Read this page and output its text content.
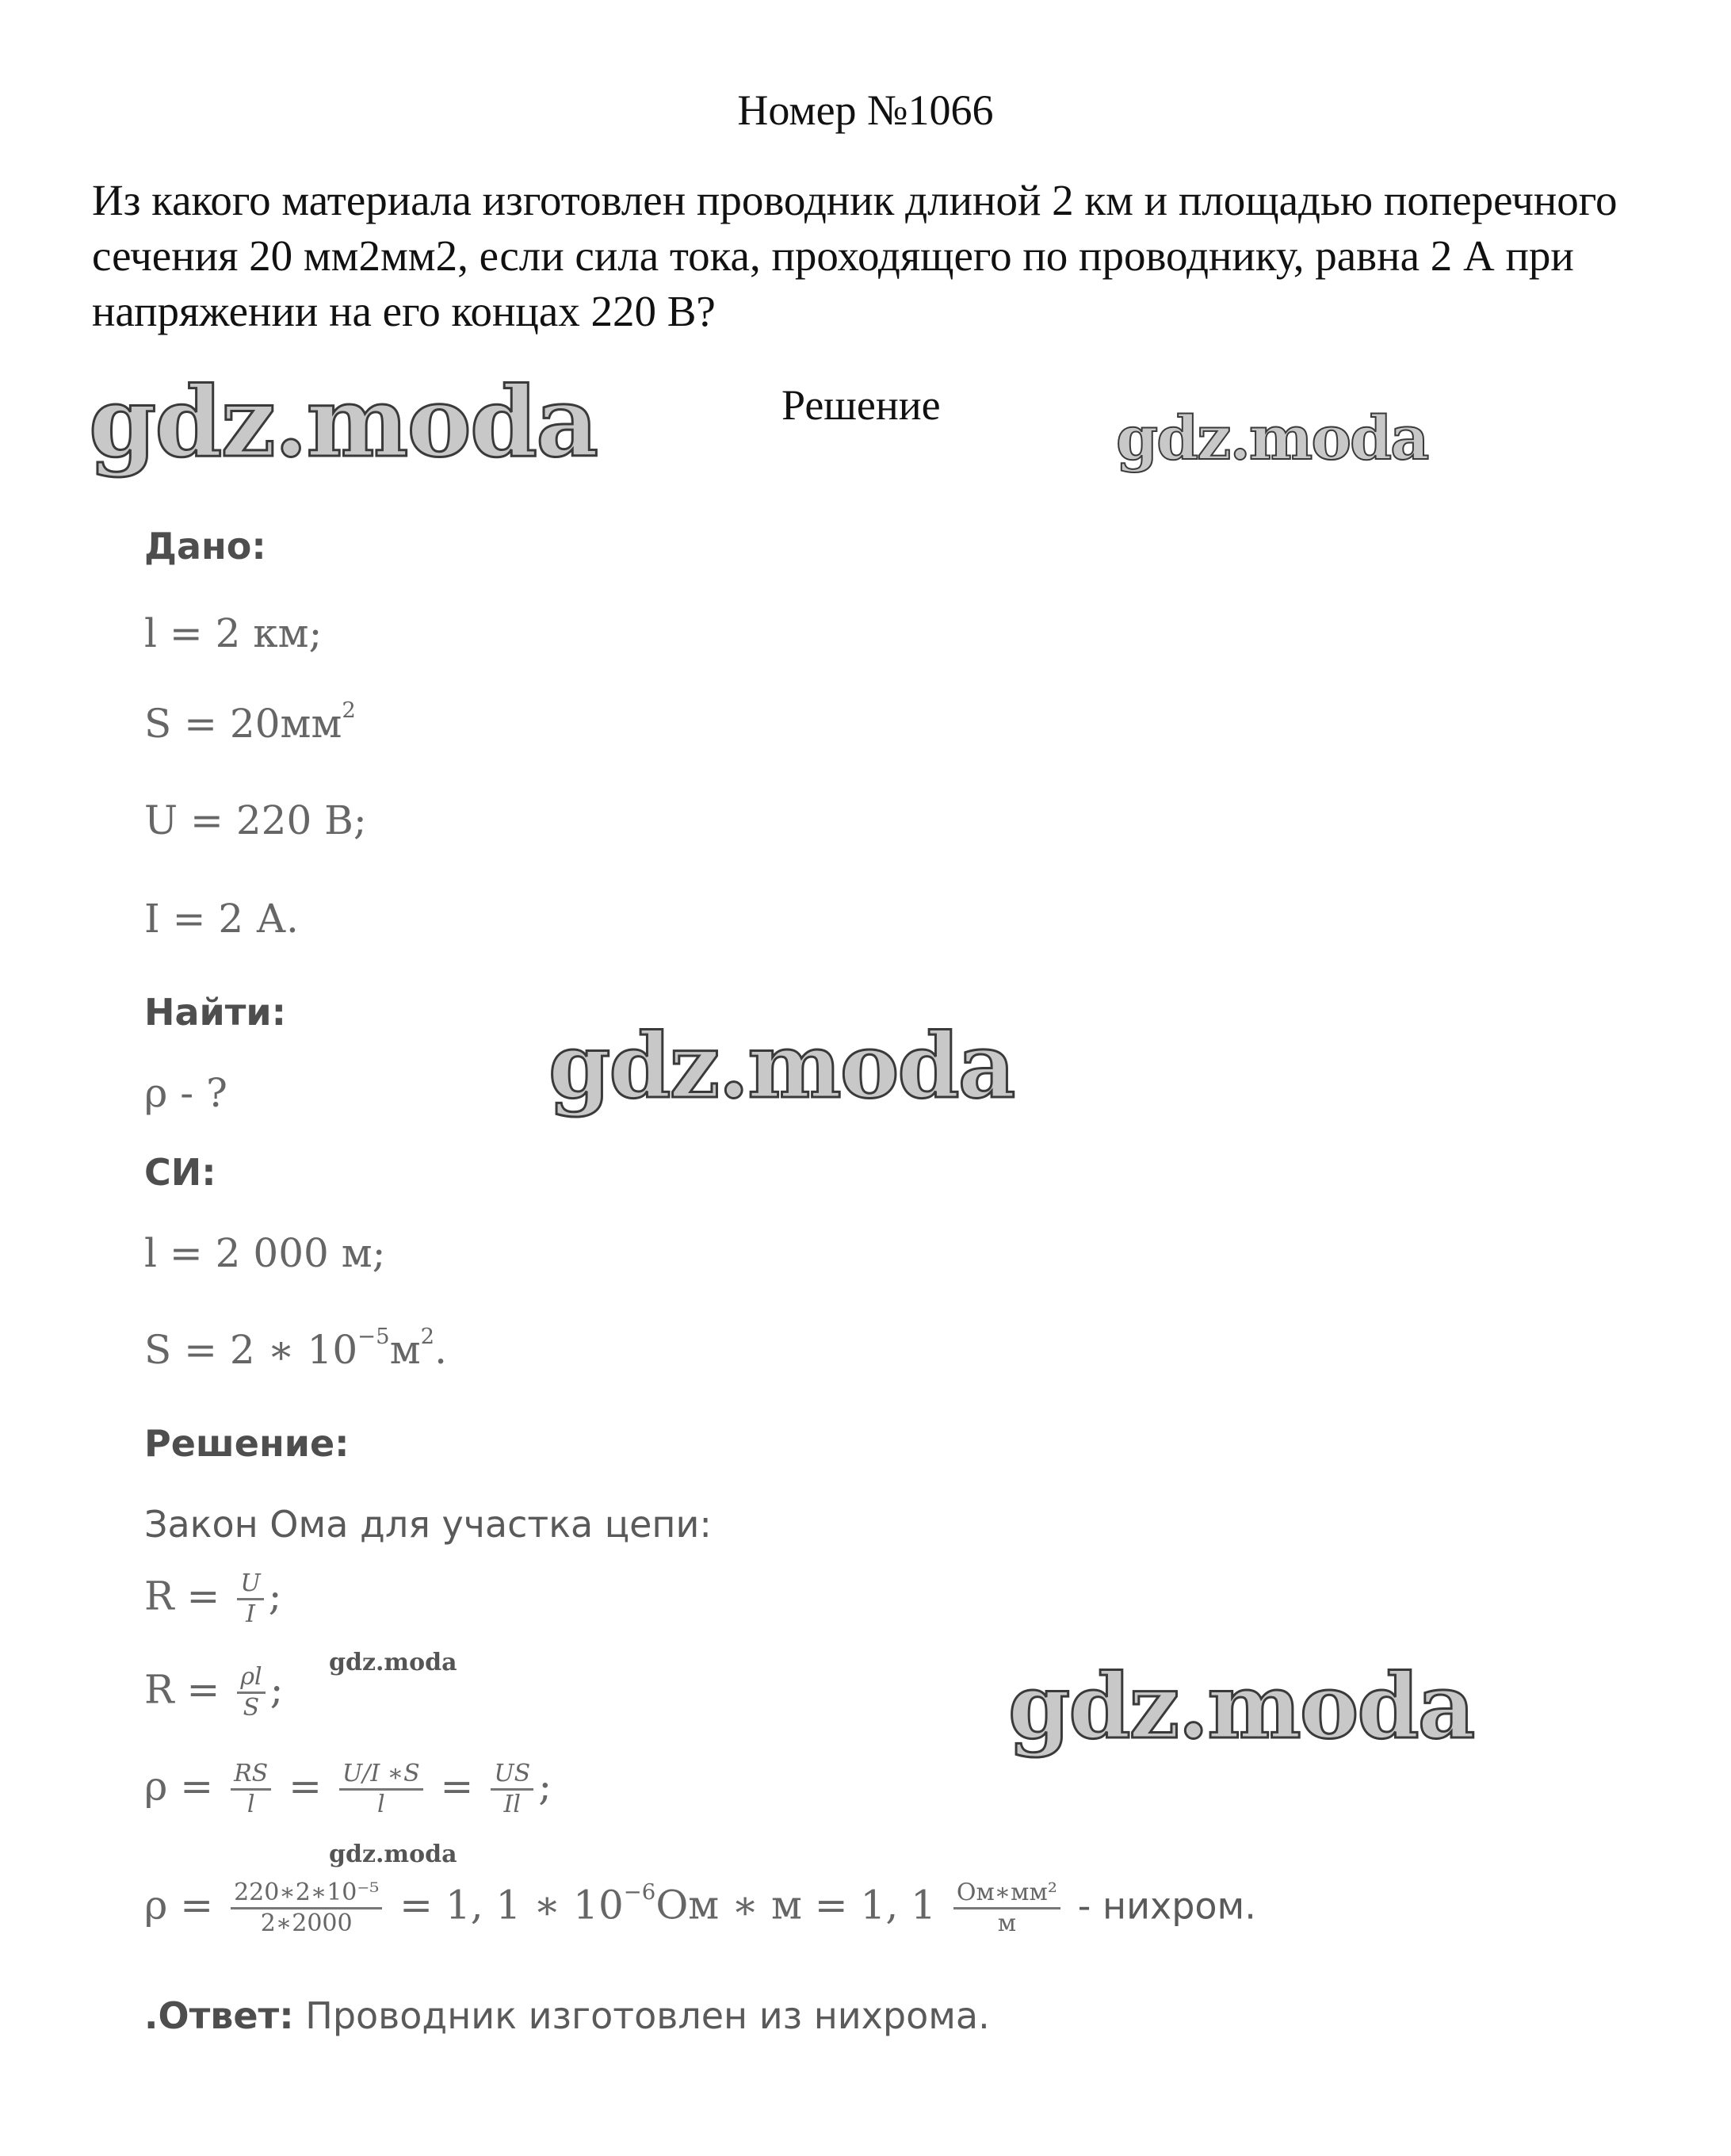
Номер №1066
Из какого материала изготовлен проводник длиной 2 км и площадью поперечного сечения 20 мм2мм2, если сила тока, проходящего по проводнику, равна 2 А при напряжении на его концах 220 В?
Решение
gdz.moda	gdz.moda
gdz.moda
gdz.moda
gdz.moda
gdz.moda
Дано:
l = 2 км;
$S = 20мм^2$
U = 220 В;
I = 2 А.
Найти:
ρ - ?
СИ:
l = 2 000 м;
S = 2 ∗ $10^{-5}м^2$.
Решение:
Закон Ома для участка цепи:
$R = \frac{U}{I}$ ;
$R = \frac{\rho l}{S}$ ;
$\rho = \frac{RS}{l} = \frac{U/I ∗S}{l} = \frac{US}{Il}$ ;
$\rho = \frac{\text{220∗2∗10⁻⁵}}{2∗2000} = 1$, 1 ∗ $10^{-6}Ом$ ∗ м = 1, $1 \frac{\text{Ом∗мм²}}{м}$ - нихром.
.Ответ: Проводник изготовлен из нихрома.
